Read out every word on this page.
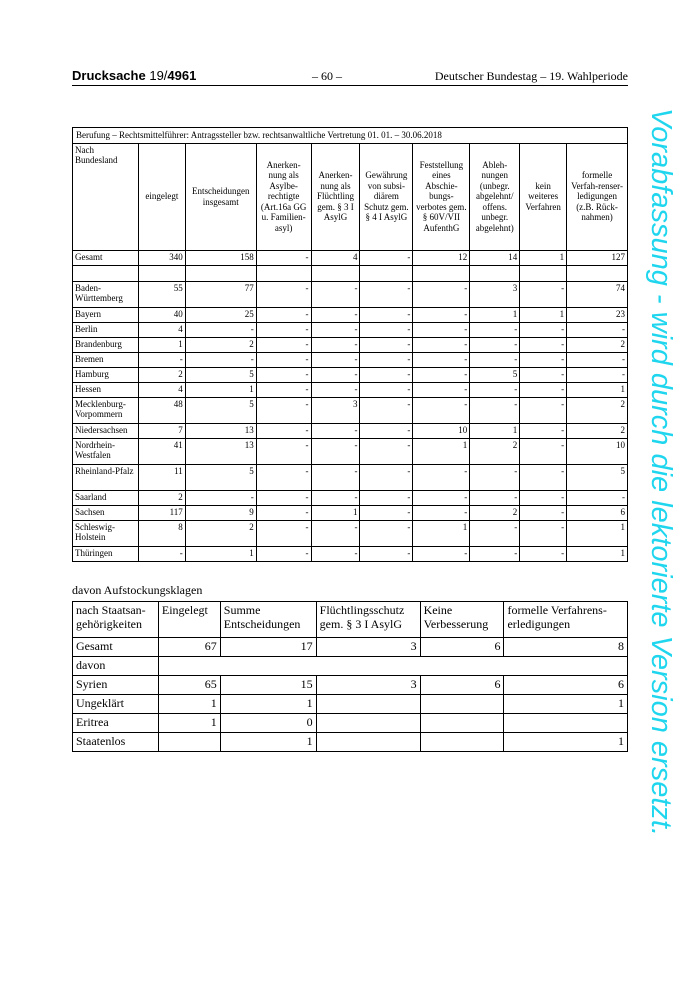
Drucksache 19/4961	– 60 –	Deutscher Bundestag – 19. Wahlperiode
Berufung – Rechtsmittelführer: Antragssteller bzw. rechtsanwaltliche Vertretung 01. 01. – 30.06.2018									
Nach Bundesland	eingelegt	Entscheidungen insgesamt	Anerken-nung als Asylbe-rechtigte (Art.16a GG u. Familien-asyl)	Anerken-nung als Flüchtling gem. § 3 I AsylG	Gewährung von subsi-diärem Schutz gem. § 4 I AsylG	Feststellung eines Abschie-bungs-verbotes gem. § 60V/VII AufenthG	Ableh-nungen (unbegr. abgelehnt/ offens. unbegr. abgelehnt)	kein weiteres Verfahren	formelle Verfah-renser-ledigungen (z.B. Rück-nahmen)
Gesamt	340	158	-	4	-	12	14	1	127

Baden-Württemberg	55	77	-	-	-	-	3	-	74
Bayern	40	25	-	-	-	-	1	1	23
Berlin	4	-	-	-	-	-	-	-	-
Brandenburg	1	2	-	-	-	-	-	-	2
Bremen	-	-	-	-	-	-	-	-	-
Hamburg	2	5	-	-	-	-	5	-	-
Hessen	4	1	-	-	-	-	-	-	1
Mecklenburg-Vorpommern	48	5	-	3	-	-	-	-	2
Niedersachsen	7	13	-	-	-	10	1	-	2
Nordrhein-Westfalen	41	13	-	-	-	1	2	-	10
Rheinland-Pfalz	11	5	-	-	-	-	-	-	5
Saarland	2	-	-	-	-	-	-	-	-
Sachsen	117	9	-	1	-	-	2	-	6
Schleswig-Holstein	8	2	-	-	-	1	-	-	1
Thüringen	-	1	-	-	-	-	-	-	1
davon Aufstockungsklagen
nach Staatsan-gehörigkeiten	Eingelegt	Summe Entscheidungen	Flüchtlingsschutz gem. § 3 I AsylG	Keine Verbesserung	formelle Verfahrens-erledigungen
Gesamt	67	17	3	6	8
davon					
Syrien	65	15	3	6	6
Ungeklärt	1	1			1
Eritrea	1	0			
Staatenlos		1			1 Vorabfassung - wird durch die lektorierte Version ersetzt.
